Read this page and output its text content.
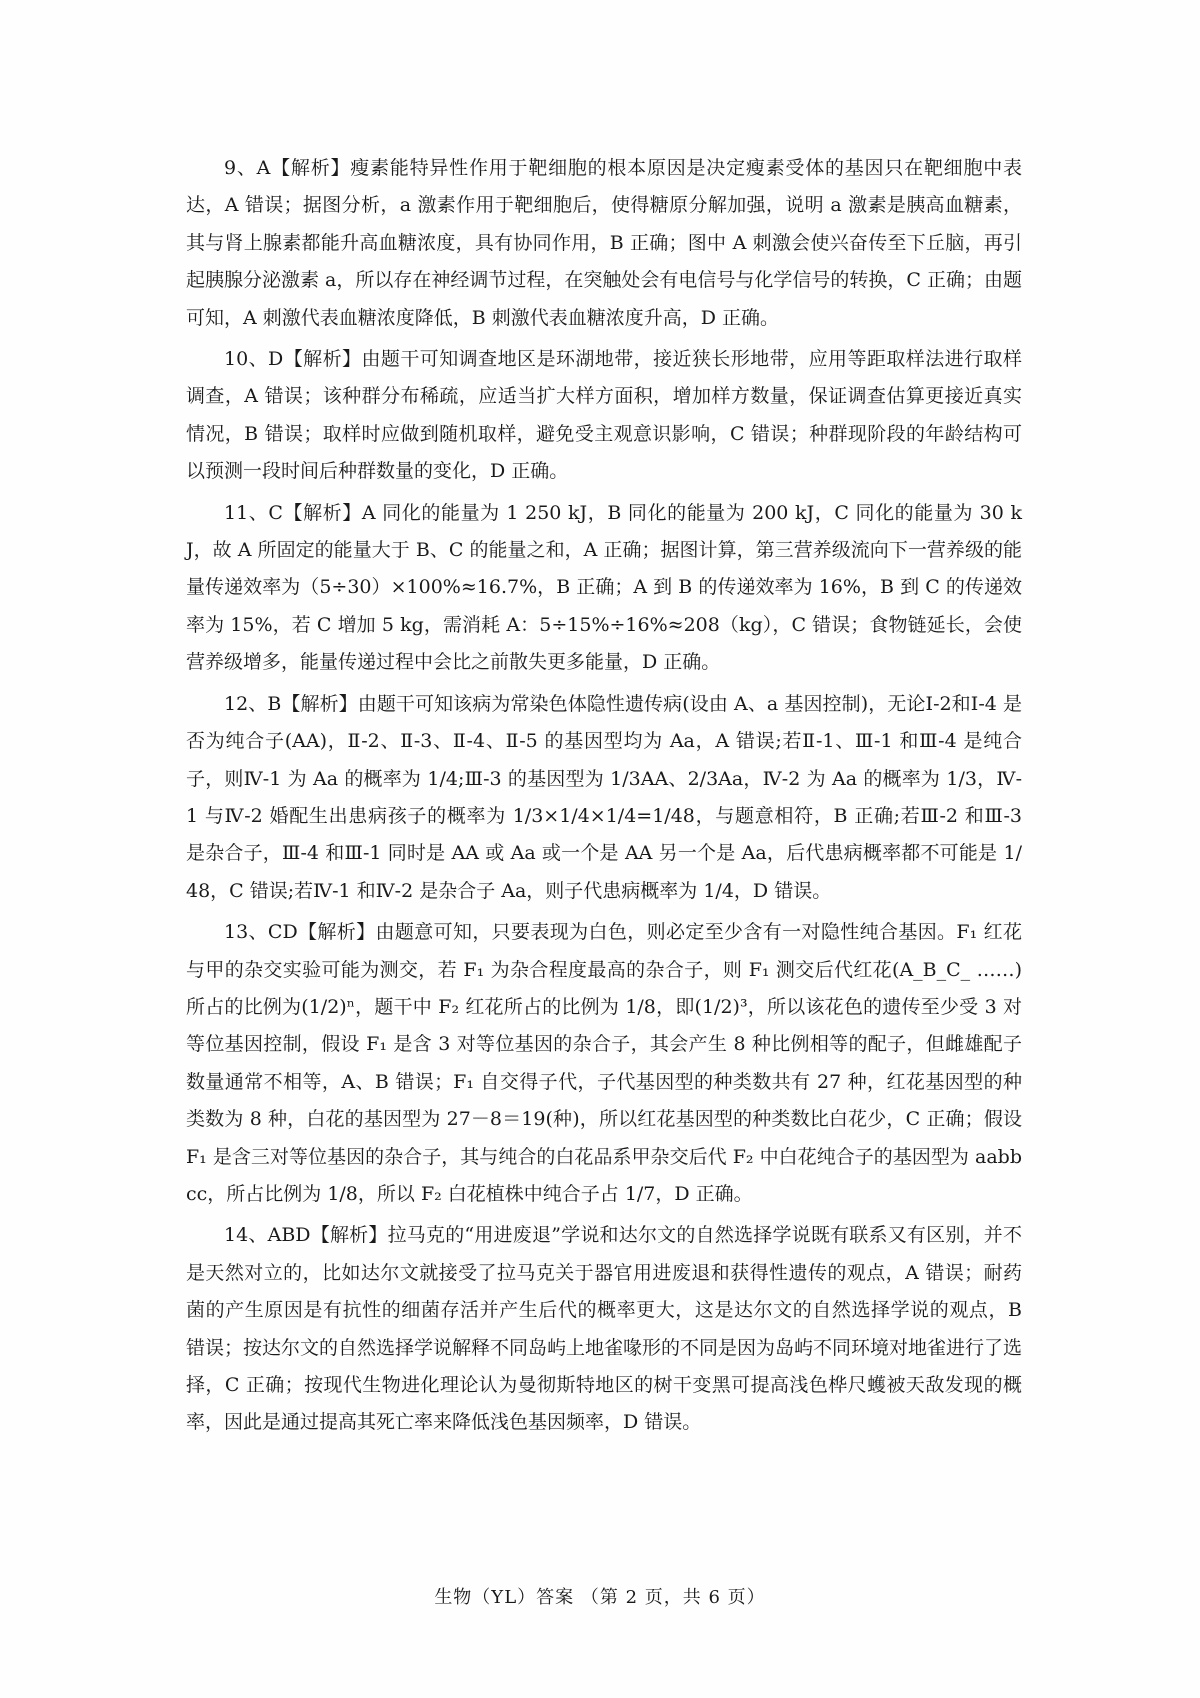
9、A【解析】瘦素能特异性作用于靶细胞的根本原因是决定瘦素受体的基因只在靶细胞中表达，A 错误；据图分析，a 激素作用于靶细胞后，使得糖原分解加强，说明 a 激素是胰高血糖素，其与肾上腺素都能升高血糖浓度，具有协同作用，B 正确；图中 A 刺激会使兴奋传至下丘脑，再引起胰腺分泌激素 a，所以存在神经调节过程，在突触处会有电信号与化学信号的转换，C 正确；由题可知，A 刺激代表血糖浓度降低，B 刺激代表血糖浓度升高，D 正确。

10、D【解析】由题干可知调查地区是环湖地带，接近狭长形地带，应用等距取样法进行取样调查，A 错误；该种群分布稀疏，应适当扩大样方面积，增加样方数量，保证调查估算更接近真实情况，B 错误；取样时应做到随机取样，避免受主观意识影响，C 错误；种群现阶段的年龄结构可以预测一段时间后种群数量的变化，D 正确。

11、C【解析】A 同化的能量为 1 250 kJ，B 同化的能量为 200 kJ，C 同化的能量为 30 kJ，故 A 所固定的能量大于 B、C 的能量之和，A 正确；据图计算，第三营养级流向下一营养级的能量传递效率为（5÷30）×100%≈16.7%，B 正确；A 到 B 的传递效率为 16%，B 到 C 的传递效率为 15%，若 C 增加 5 kg，需消耗 A：5÷15%÷16%≈208（kg），C 错误；食物链延长，会使营养级增多，能量传递过程中会比之前散失更多能量，D 正确。

12、B【解析】由题干可知该病为常染色体隐性遗传病(设由 A、a 基因控制)，无论Ⅰ-2和Ⅰ-4 是否为纯合子(AA)，Ⅱ-2、Ⅱ-3、Ⅱ-4、Ⅱ-5 的基因型均为 Aa，A 错误;若Ⅱ-1、Ⅲ-1 和Ⅲ-4 是纯合子，则Ⅳ-1 为 Aa 的概率为 1/4;Ⅲ-3 的基因型为 1/3AA、2/3Aa，Ⅳ-2 为 Aa 的概率为 1/3，Ⅳ-1 与Ⅳ-2 婚配生出患病孩子的概率为 1/3×1/4×1/4=1/48，与题意相符，B 正确;若Ⅲ-2 和Ⅲ-3 是杂合子，Ⅲ-4 和Ⅲ-1 同时是 AA 或 Aa 或一个是 AA 另一个是 Aa，后代患病概率都不可能是 1/48，C 错误;若Ⅳ-1 和Ⅳ-2 是杂合子 Aa，则子代患病概率为 1/4，D 错误。

13、CD【解析】由题意可知，只要表现为白色，则必定至少含有一对隐性纯合基因。F₁ 红花与甲的杂交实验可能为测交，若 F₁ 为杂合程度最高的杂合子，则 F₁ 测交后代红花(A_B_C_ ……)所占的比例为(1/2)ⁿ，题干中 F₂ 红花所占的比例为 1/8，即(1/2)³，所以该花色的遗传至少受 3 对等位基因控制，假设 F₁ 是含 3 对等位基因的杂合子，其会产生 8 种比例相等的配子，但雌雄配子数量通常不相等，A、B 错误；F₁ 自交得子代，子代基因型的种类数共有 27 种，红花基因型的种类数为 8 种，白花的基因型为 27－8＝19(种)，所以红花基因型的种类数比白花少，C 正确；假设 F₁ 是含三对等位基因的杂合子，其与纯合的白花品系甲杂交后代 F₂ 中白花纯合子的基因型为 aabbcc，所占比例为 1/8，所以 F₂ 白花植株中纯合子占 1/7，D 正确。

14、ABD【解析】拉马克的“用进废退”学说和达尔文的自然选择学说既有联系又有区别，并不是天然对立的，比如达尔文就接受了拉马克关于器官用进废退和获得性遗传的观点，A 错误；耐药菌的产生原因是有抗性的细菌存活并产生后代的概率更大，这是达尔文的自然选择学说的观点，B 错误；按达尔文的自然选择学说解释不同岛屿上地雀喙形的不同是因为岛屿不同环境对地雀进行了选择，C 正确；按现代生物进化理论认为曼彻斯特地区的树干变黑可提高浅色桦尺蠖被天敌发现的概率，因此是通过提高其死亡率来降低浅色基因频率，D 错误。

生物（YL）答案 （第 2 页，共 6 页）
